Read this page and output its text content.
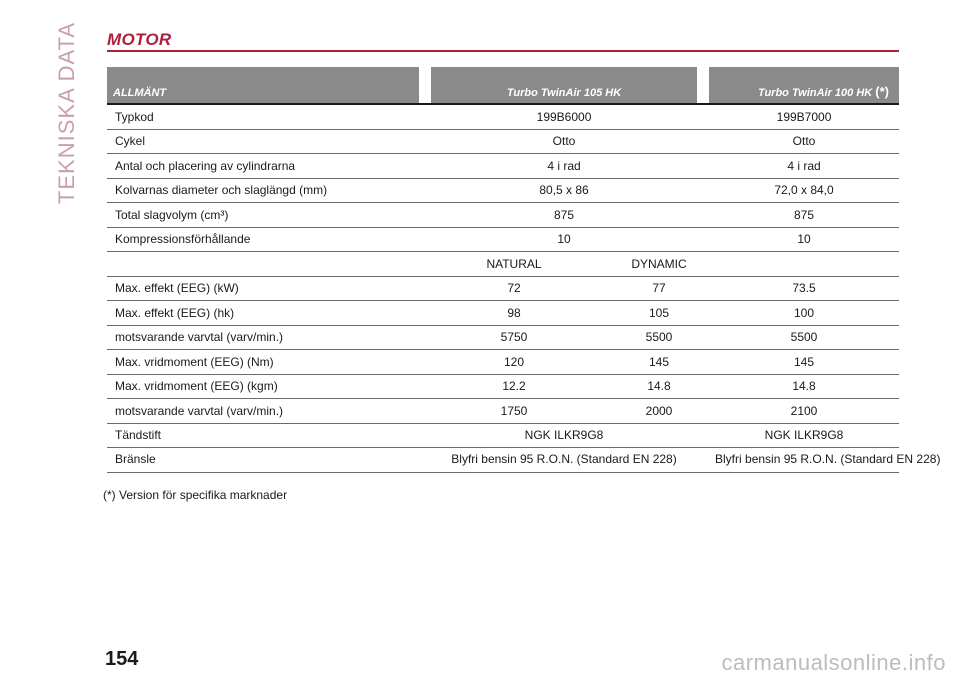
TEKNISKA DATA MOTOR
ALLMÄNT	Turbo TwinAir 105 HK		Turbo TwinAir 100 HK (*)
Typkod	199B6000		199B7000
Cykel	Otto		Otto
Antal och placering av cylindrarna	4 i rad		4 i rad
Kolvarnas diameter och slaglängd (mm)	80,5 x 86		72,0 x 84,0
Total slagvolym (cm³)	875		875
Kompressionsförhållande	10		10
	NATURAL	DYNAMIC	
Max. effekt (EEG) (kW)	72	77	73.5
Max. effekt (EEG) (hk)	98	105	100
motsvarande varvtal (varv/min.)	5750	5500	5500
Max. vridmoment (EEG) (Nm)	120	145	145
Max. vridmoment (EEG) (kgm)	12.2	14.8	14.8
motsvarande varvtal (varv/min.)	1750	2000	2100
Tändstift	NGK ILKR9G8		NGK ILKR9G8
Bränsle	Blyfri bensin 95 R.O.N. (Standard EN 228)		Blyfri bensin 95 R.O.N. (Standard EN 228)
(*) Version för specifika marknader
154	carmanualsonline.info
